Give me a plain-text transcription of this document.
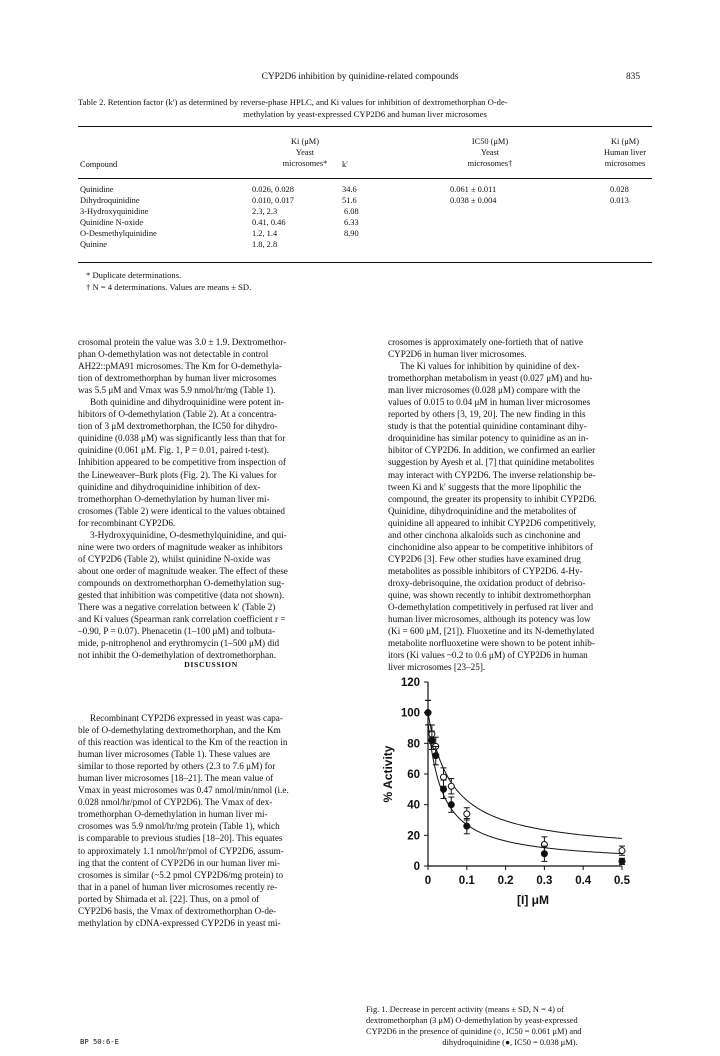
CYP2D6 inhibition by quinidine-related compounds	835
Table 2. Retention factor (k′) as determined by reverse-phase HPLC, and Ki values for inhibition of dextromethorphan O-de-
methylation by yeast-expressed CYP2D6 and human liver microsomes
Ki (μM)
Yeast
microsomes*
Compound	k′
IC50 (μM)
Yeast
microsomes†
Ki (μM)
Human liver
microsomes
Quinidine	0.026, 0.028	34.6	0.061 ± 0.011	0.028
Dihydroquinidine	0.010, 0.017	51.6	0.038 ± 0.004	0.013
3-Hydroxyquinidine	2.3, 2.3	6.08
Quinidine N-oxide	0.41, 0.46	6.33
O-Desmethylquinidine	1.2, 1.4	8.90
Quinine	1.8, 2.8
* Duplicate determinations.
† N = 4 determinations. Values are means ± SD.

crosomal protein the value was 3.0 ± 1.9. Dextromethor-

phan O-demethylation was not detectable in control

AH22::pMA91 microsomes. The Km for O-demethyla-

tion of dextromethorphan by human liver microsomes

was 5.5 μM and Vmax was 5.9 nmol/hr/mg (Table 1).

Both quinidine and dihydroquinidine were potent in-

hibitors of O-demethylation (Table 2). At a concentra-

tion of 3 μM dextromethorphan, the IC50 for dihydro-

quinidine (0.038 μM) was significantly less than that for

quinidine (0.061 μM. Fig. 1, P = 0.01, paired t-test).

Inhibition appeared to be competitive from inspection of

the Lineweaver–Burk plots (Fig. 2). The Ki values for

quinidine and dihydroquinidine inhibition of dex-

tromethorphan O-demethylation by human liver mi-

crosomes (Table 2) were identical to the values obtained

for recombinant CYP2D6.

3-Hydroxyquinidine, O-desmethylquinidine, and qui-

nine were two orders of magnitude weaker as inhibitors

of CYP2D6 (Table 2), whilst quinidine N-oxide was

about one order of magnitude weaker. The effect of these

compounds on dextromethorphan O-demethylation sug-

gested that inhibition was competitive (data not shown).

There was a negative correlation between k′ (Table 2)

and Ki values (Spearman rank correlation coefficient r =

–0.90, P = 0.07). Phenacetin (1–100 μM) and tolbuta-

mide, p-nitrophenol and erythromycin (1–500 μM) did

not inhibit the O-demethylation of dextromethorphan.

DISCUSSION

Recombinant CYP2D6 expressed in yeast was capa-

ble of O-demethylating dextromethorphan, and the Km

of this reaction was identical to the Km of the reaction in

human liver microsomes (Table 1). These values are

similar to those reported by others (2.3 to 7.6 μM) for

human liver microsomes [18–21]. The mean value of

Vmax in yeast microsomes was 0.47 nmol/min/nmol (i.e.

0.028 nmol/hr/pmol of CYP2D6). The Vmax of dex-

tromethorphan O-demethylation in human liver mi-

crosomes was 5.9 nmol/hr/mg protein (Table 1), which

is comparable to previous studies [18–20]. This equates

to approximately 1.1 nmol/hr/pmol of CYP2D6, assum-

ing that the content of CYP2D6 in our human liver mi-

crosomes is similar (~5.2 pmol CYP2D6/mg protein) to

that in a panel of human liver microsomes recently re-

ported by Shimada et al. [22]. Thus, on a pmol of

CYP2D6 basis, the Vmax of dextromethorphan O-de-

methylation by cDNA-expressed CYP2D6 in yeast mi-

crosomes is approximately one-fortieth that of native

CYP2D6 in human liver microsomes.

The Ki values for inhibition by quinidine of dex-

tromethorphan metabolism in yeast (0.027 μM) and hu-

man liver microsomes (0.028 μM) compare with the

values of 0.015 to 0.04 μM in human liver microsomes

reported by others [3, 19, 20]. The new finding in this

study is that the potential quinidine contaminant dihy-

droquinidine has similar potency to quinidine as an in-

hibitor of CYP2D6. In addition, we confirmed an earlier

suggestion by Ayesh et al. [7] that quinidine metabolites

may interact with CYP2D6. The inverse relationship be-

tween Ki and k′ suggests that the more lipophilic the

compound, the greater its propensity to inhibit CYP2D6.

Quinidine, dihydroquinidine and the metabolites of

quinidine all appeared to inhibit CYP2D6 competitively,

and other cinchona alkaloids such as cinchonine and

cinchonidine also appear to be competitive inhibitors of

CYP2D6 [3]. Few other studies have examined drug

metabolites as possible inhibitors of CYP2D6. 4-Hy-

droxy-debrisoquine, the oxidation product of debriso-

quine, was shown recently to inhibit dextromethorphan

O-demethylation competitively in perfused rat liver and

human liver microsomes, although its potency was low

(Ki = 600 μM, [21]). Fluoxetine and its N-demethylated

metabolite norfluoxetine were shown to be potent inhib-

itors (Ki values ~0.2 to 0.6 μM) of CYP2D6 in human

liver microsomes [23–25].

0
20
40
60
80
100
120
0 0.1 0.2 0.3 0.4 0.5
% Activity
[I] μM
Fig. 1. Decrease in percent activity (means ± SD, N = 4) of
dextromethorphan (3 μM) O-demethylation by yeast-expressed
CYP2D6 in the presence of quinidine (○, IC50 = 0.061 μM) and
dihydroquinidine (●, IC50 = 0.038 μM).
BP 50:6-E
